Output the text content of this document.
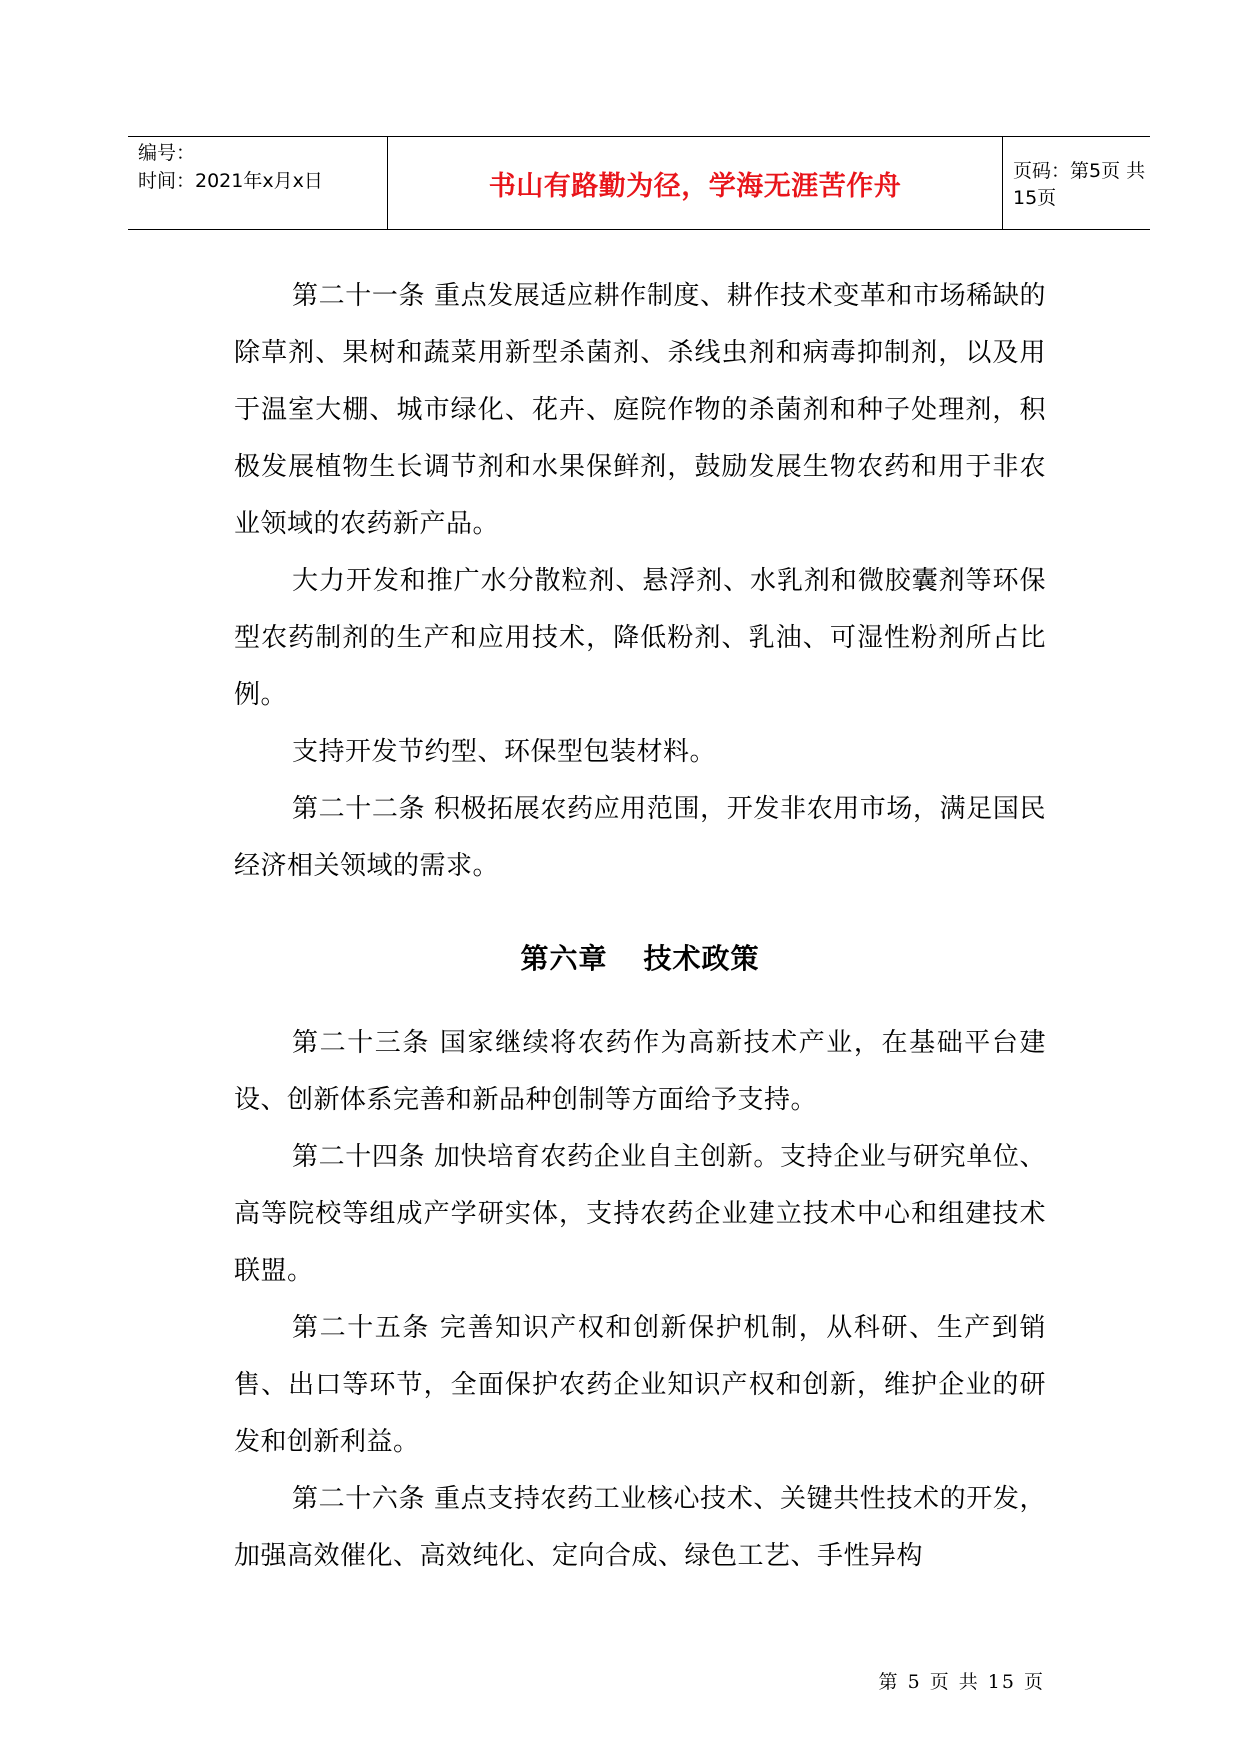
编号：
时间：2021年x月x日	书山有路勤为径，学海无涯苦作舟	页码：第5页 共15页

第二十一条 重点发展适应耕作制度、耕作技术变革和市场稀缺的除草剂、果树和蔬菜用新型杀菌剂、杀线虫剂和病毒抑制剂，以及用于温室大棚、城市绿化、花卉、庭院作物的杀菌剂和种子处理剂，积极发展植物生长调节剂和水果保鲜剂，鼓励发展生物农药和用于非农业领域的农药新产品。

大力开发和推广水分散粒剂、悬浮剂、水乳剂和微胶囊剂等环保型农药制剂的生产和应用技术，降低粉剂、乳油、可湿性粉剂所占比例。

支持开发节约型、环保型包装材料。

第二十二条 积极拓展农药应用范围，开发非农用市场，满足国民经济相关领域的需求。

第六章 技术政策

第二十三条 国家继续将农药作为高新技术产业，在基础平台建设、创新体系完善和新品种创制等方面给予支持。

第二十四条 加快培育农药企业自主创新。支持企业与研究单位、高等院校等组成产学研实体，支持农药企业建立技术中心和组建技术联盟。

第二十五条 完善知识产权和创新保护机制，从科研、生产到销售、出口等环节，全面保护农药企业知识产权和创新，维护企业的研发和创新利益。

第二十六条 重点支持农药工业核心技术、关键共性技术的开发，加强高效催化、高效纯化、定向合成、绿色工艺、手性异构

第 5 页 共 15 页
